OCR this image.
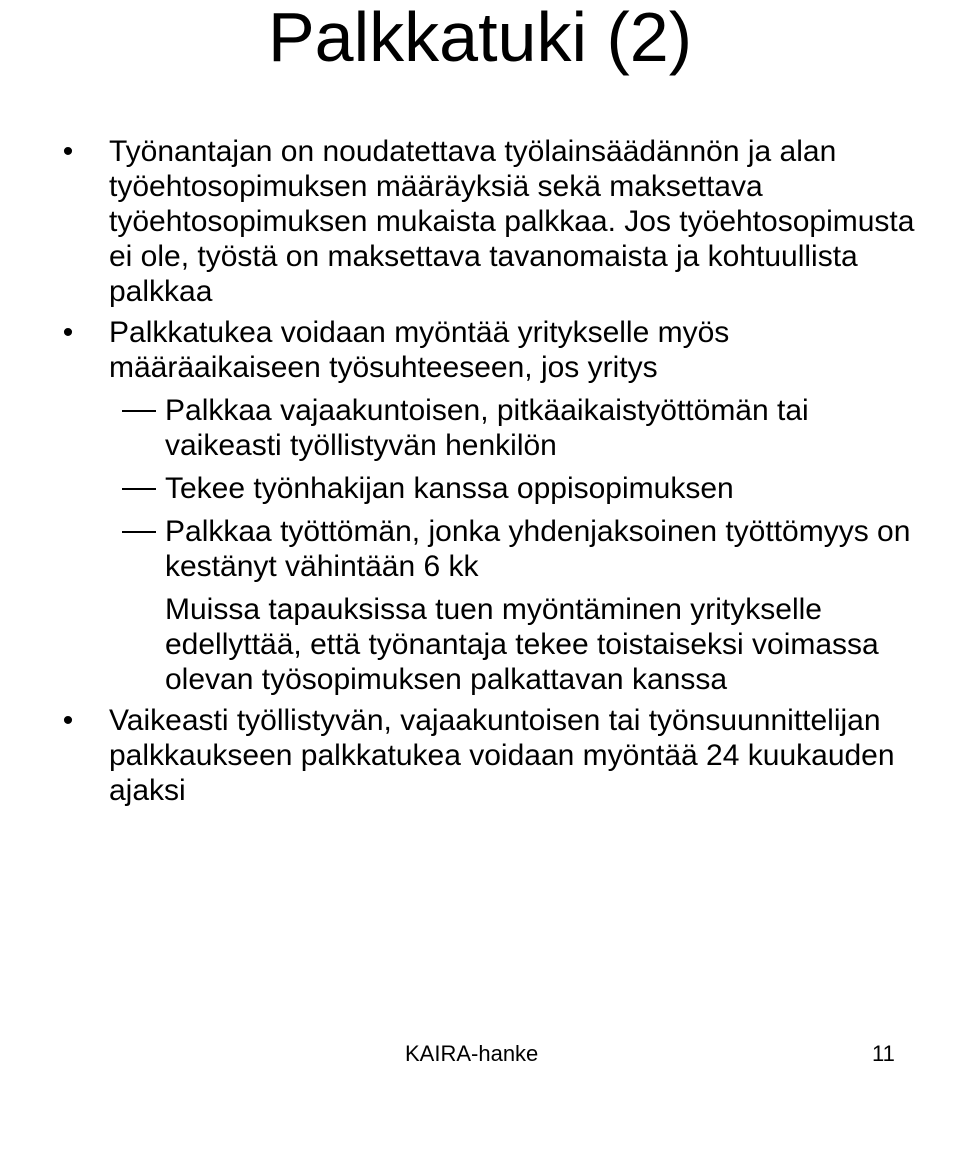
Palkkatuki (2)
• Työnantajan on noudatettava työlainsäädännön ja alan työehtosopimuksen määräyksiä sekä maksettava työehtosopimuksen mukaista palkkaa. Jos työehtosopimusta ei ole, työstä on maksettava tavanomaista ja kohtuullista palkkaa
• Palkkatukea voidaan myöntää yritykselle myös määräaikaiseen työsuhteeseen, jos yritys
Palkkaa vajaakuntoisen, pitkäaikaistyöttömän tai vaikeasti työllistyvän henkilön
Tekee työnhakijan kanssa oppisopimuksen
Palkkaa työttömän, jonka yhdenjaksoinen työttömyys on kestänyt vähintään 6 kk
Muissa tapauksissa tuen myöntäminen yritykselle edellyttää, että työnantaja tekee toistaiseksi voimassa olevan työsopimuksen palkattavan kanssa
• Vaikeasti työllistyvän, vajaakuntoisen tai työnsuunnittelijan palkkaukseen palkkatukea voidaan myöntää 24 kuukauden ajaksi
KAIRA-hanke	11
